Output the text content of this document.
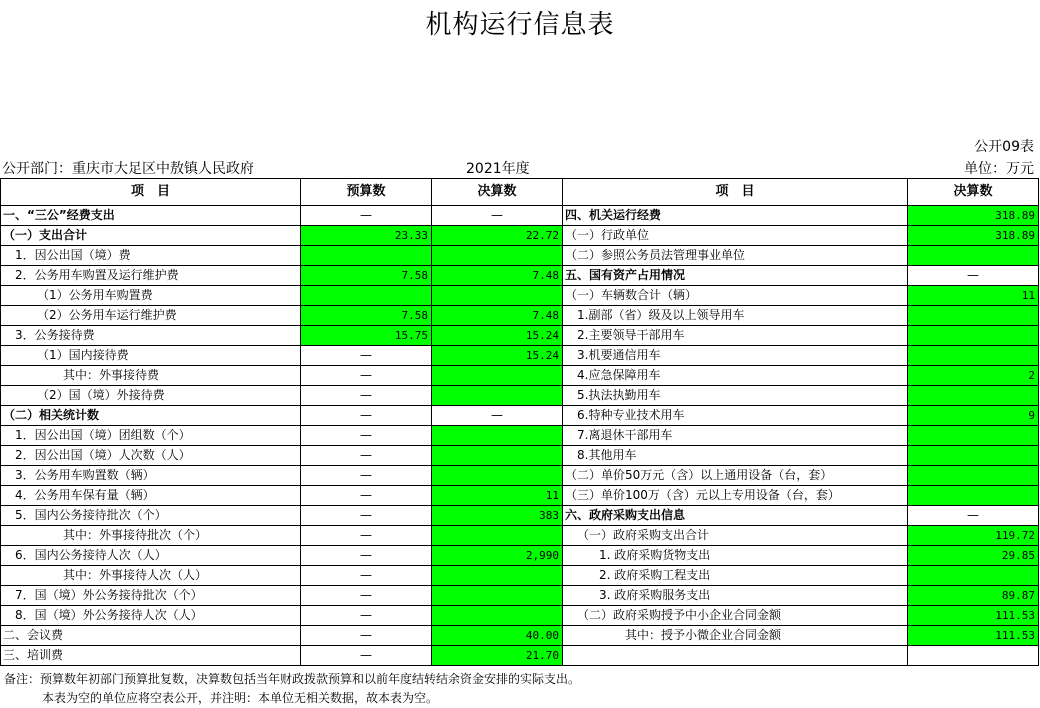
机构运行信息表
公开09表
公开部门：重庆市大足区中敖镇人民政府	2021年度	单位：万元
项　目	预算数	决算数	项　目	决算数
一、“三公”经费支出	—	—	四、机关运行经费	318.89
（一）支出合计	23.33	22.72	（一）行政单位	318.89
1．因公出国（境）费			（二）参照公务员法管理事业单位	
2．公务用车购置及运行维护费	7.58	7.48	五、国有资产占用情况	—
（1）公务用车购置费			（一）车辆数合计（辆）	11
（2）公务用车运行维护费	7.58	7.48	1.副部（省）级及以上领导用车	
3．公务接待费	15.75	15.24	2.主要领导干部用车	
（1）国内接待费	—	15.24	3.机要通信用车	
其中：外事接待费	—		4.应急保障用车	2
（2）国（境）外接待费	—		5.执法执勤用车	
（二）相关统计数	—	—	6.特种专业技术用车	9
1．因公出国（境）团组数（个）	—		7.离退休干部用车	
2．因公出国（境）人次数（人）	—		8.其他用车	
3．公务用车购置数（辆）	—		（二）单价50万元（含）以上通用设备（台，套）	
4．公务用车保有量（辆）	—	11	（三）单价100万（含）元以上专用设备（台，套）	
5．国内公务接待批次（个）	—	383	六、政府采购支出信息	—
其中：外事接待批次（个）	—		（一）政府采购支出合计	119.72
6．国内公务接待人次（人）	—	2,990	1. 政府采购货物支出	29.85
其中：外事接待人次（人）	—		2. 政府采购工程支出	
7．国（境）外公务接待批次（个）	—		3. 政府采购服务支出	89.87
8．国（境）外公务接待人次（人）	—		（二）政府采购授予中小企业合同金额	111.53
二、会议费	—	40.00	其中：授予小微企业合同金额	111.53
三、培训费	—	21.70		
备注：预算数年初部门预算批复数，决算数包括当年财政拨款预算和以前年度结转结余资金安排的实际支出。
本表为空的单位应将空表公开，并注明：本单位无相关数据，故本表为空。
